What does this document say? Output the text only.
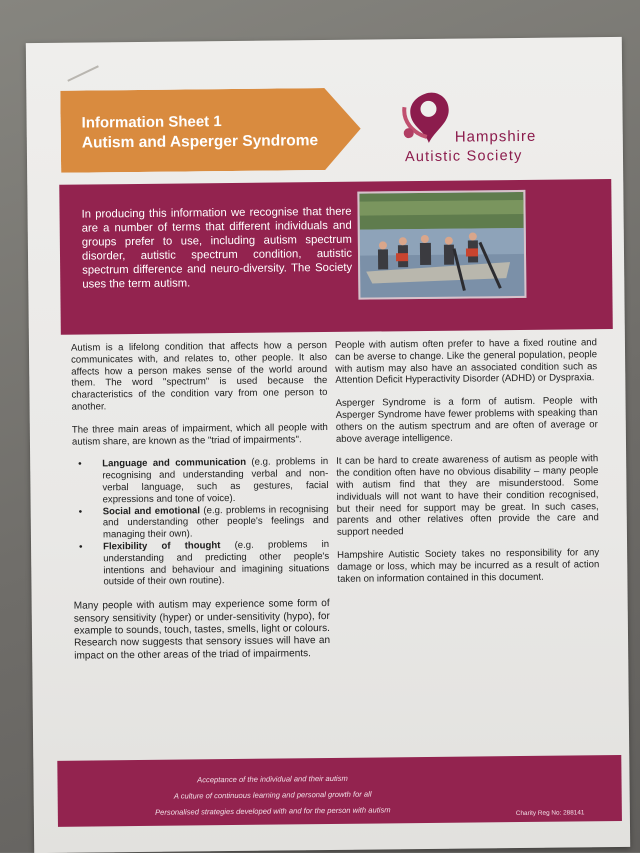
Information Sheet 1
Autism and Asperger Syndrome	Hampshire
Autistic Society
In producing this information we recognise that there are a number of terms that different individuals and groups prefer to use, including autism spectrum disorder, autistic spectrum condition, autistic spectrum difference and neuro-diversity. The Society uses the term autism.

Autism is a lifelong condition that affects how a person communicates with, and relates to, other people. It also affects how a person makes sense of the world around them. The word "spectrum" is used because the characteristics of the condition vary from one person to another.

The three main areas of impairment, which all people with autism share, are known as the "triad of impairments".

• Language and communication (e.g. problems in recognising and understanding verbal and non-verbal language, such as gestures, facial expressions and tone of voice).
• Social and emotional (e.g. problems in recognising and understanding other people's feelings and managing their own).
• Flexibility of thought (e.g. problems in understanding and predicting other people's intentions and behaviour and imagining situations outside of their own routine).

Many people with autism may experience some form of sensory sensitivity (hyper) or under-sensitivity (hypo), for example to sounds, touch, tastes, smells, light or colours. Research now suggests that sensory issues will have an impact on the other areas of the triad of impairments.

People with autism often prefer to have a fixed routine and can be averse to change. Like the general population, people with autism may also have an associated condition such as Attention Deficit Hyperactivity Disorder (ADHD) or Dyspraxia.

Asperger Syndrome is a form of autism. People with Asperger Syndrome have fewer problems with speaking than others on the autism spectrum and are often of average or above average intelligence.

It can be hard to create awareness of autism as people with the condition often have no obvious disability – many people with autism find that they are misunderstood. Some individuals will not want to have their condition recognised, but their need for support may be great. In such cases, parents and other relatives often provide the care and support needed

Hampshire Autistic Society takes no responsibility for any damage or loss, which may be incurred as a result of action taken on information contained in this document.

Acceptance of the individual and their autism
A culture of continuous learning and personal growth for all
Personalised strategies developed with and for the person with autism	Charity Reg No: 288141
